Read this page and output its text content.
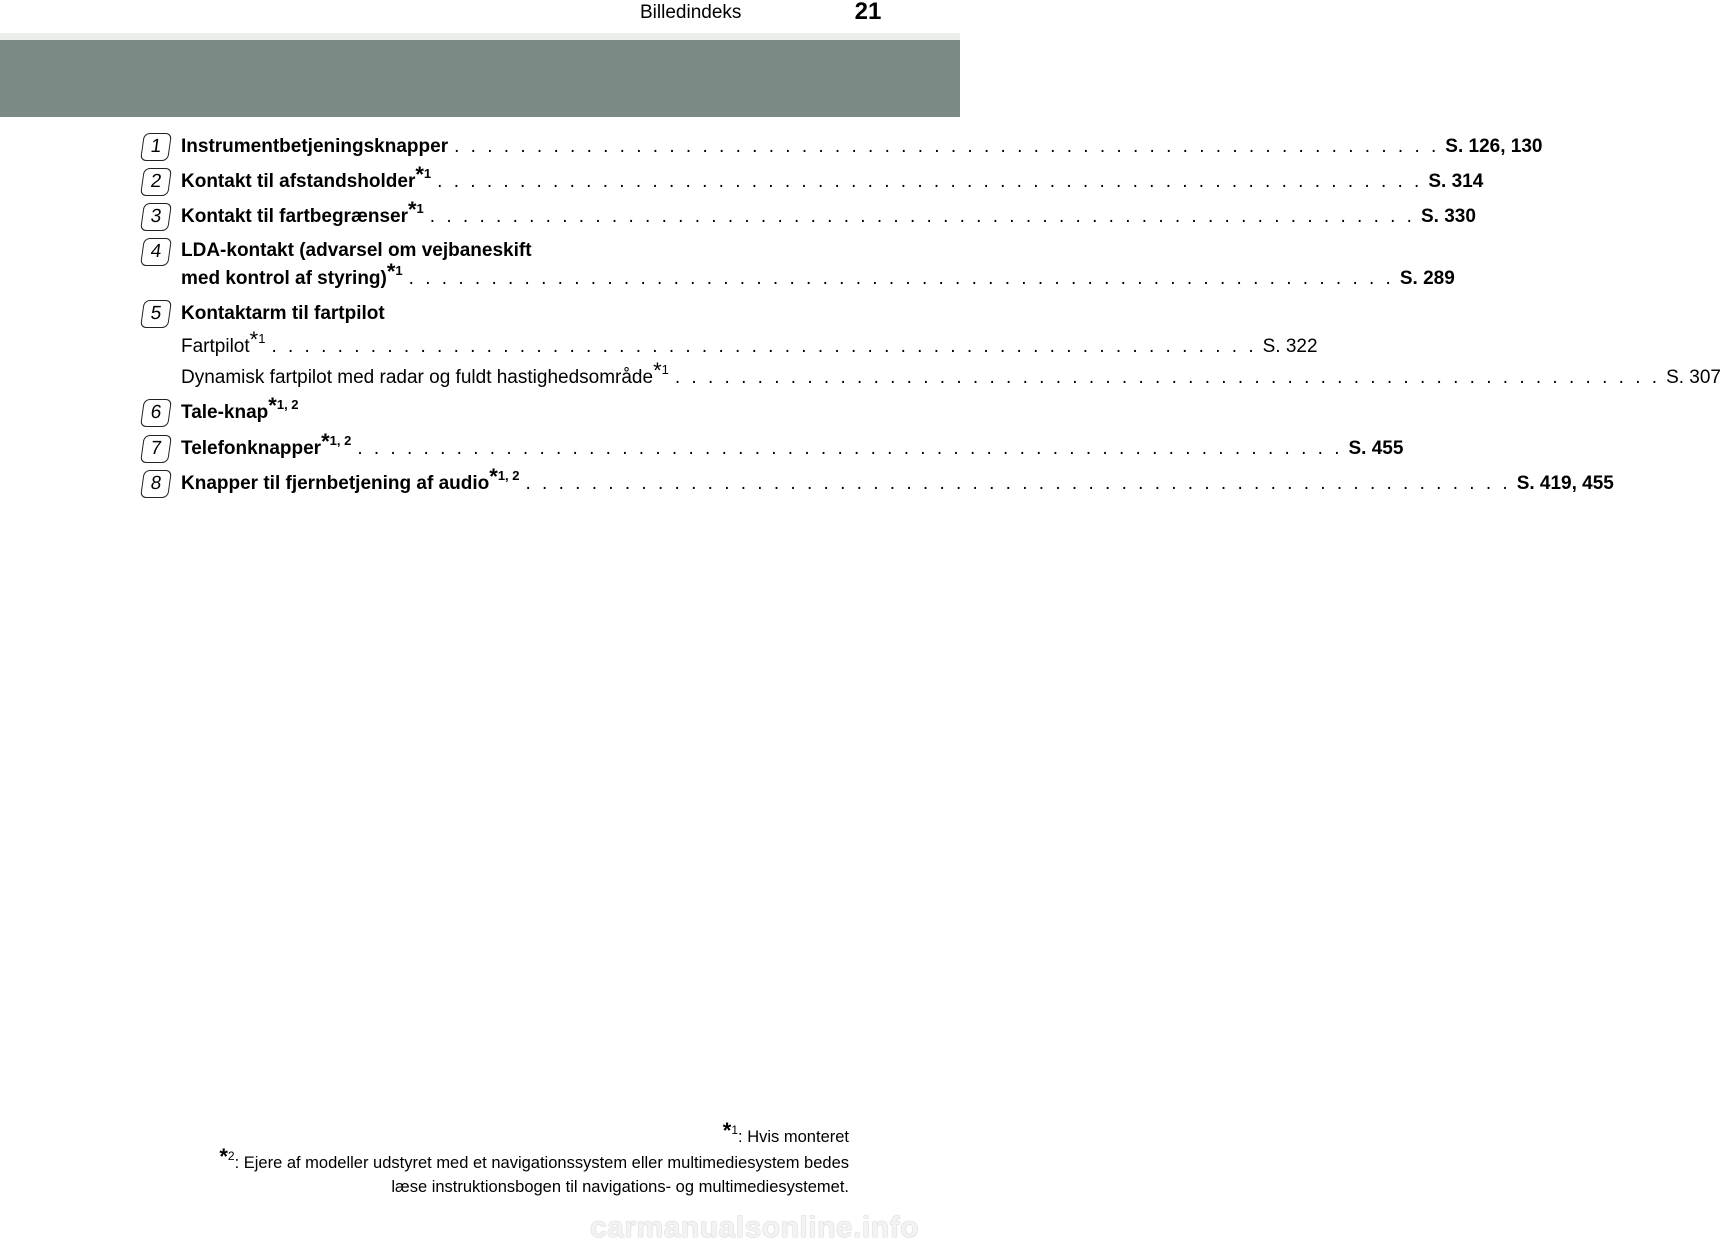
Billedindeks	21
1 Instrumentbetjeningsknapper . . . . . . . . . . . . . . . . . . . . . . . . . . . . . . . . . . . . . . . . . . . . . . . . . . . . . . . . . . . . S. 126, 130
2 Kontakt til afstandsholder$^{*1}$ . . . . . . . . . . . . . . . . . . . . . . . . . . . . . . . . . . . . . . . . . . . . . . . . . . . . . . . . . . . . S. 314
3 Kontakt til fartbegrænser$^{*1}$ . . . . . . . . . . . . . . . . . . . . . . . . . . . . . . . . . . . . . . . . . . . . . . . . . . . . . . . . . . . . S. 330
4 LDA-kontakt (advarsel om vejbaneskift
med kontrol af styring)$^{*1}$ . . . . . . . . . . . . . . . . . . . . . . . . . . . . . . . . . . . . . . . . . . . . . . . . . . . . . . . . . . . . S. 289
5 Kontaktarm til fartpilot
Fartpilot$^{*1}$ . . . . . . . . . . . . . . . . . . . . . . . . . . . . . . . . . . . . . . . . . . . . . . . . . . . . . . . . . . . . S. 322
Dynamisk fartpilot med radar og fuldt hastighedsområde$^{*1}$ . . . . . . . . . . . . . . . . . . . . . . . . . . . . . . . . . . . . . . . . . . . . . . . . . . . . . . . . . . . . S. 307
6 Tale-knap$^{*1, 2}$
7 Telefonknapper$^{*1, 2}$ . . . . . . . . . . . . . . . . . . . . . . . . . . . . . . . . . . . . . . . . . . . . . . . . . . . . . . . . . . . . S. 455
8 Knapper til fjernbetjening af audio$^{*1, 2}$ . . . . . . . . . . . . . . . . . . . . . . . . . . . . . . . . . . . . . . . . . . . . . . . . . . . . . . . . . . . . S. 419, 455
$^{*1}$: Hvis monteret
$^{*2}$: Ejere af modeller udstyret med et navigationssystem eller multimediesystem bedes
læse instruktionsbogen til navigations- og multimediesystemet.
carmanualsonline.info
